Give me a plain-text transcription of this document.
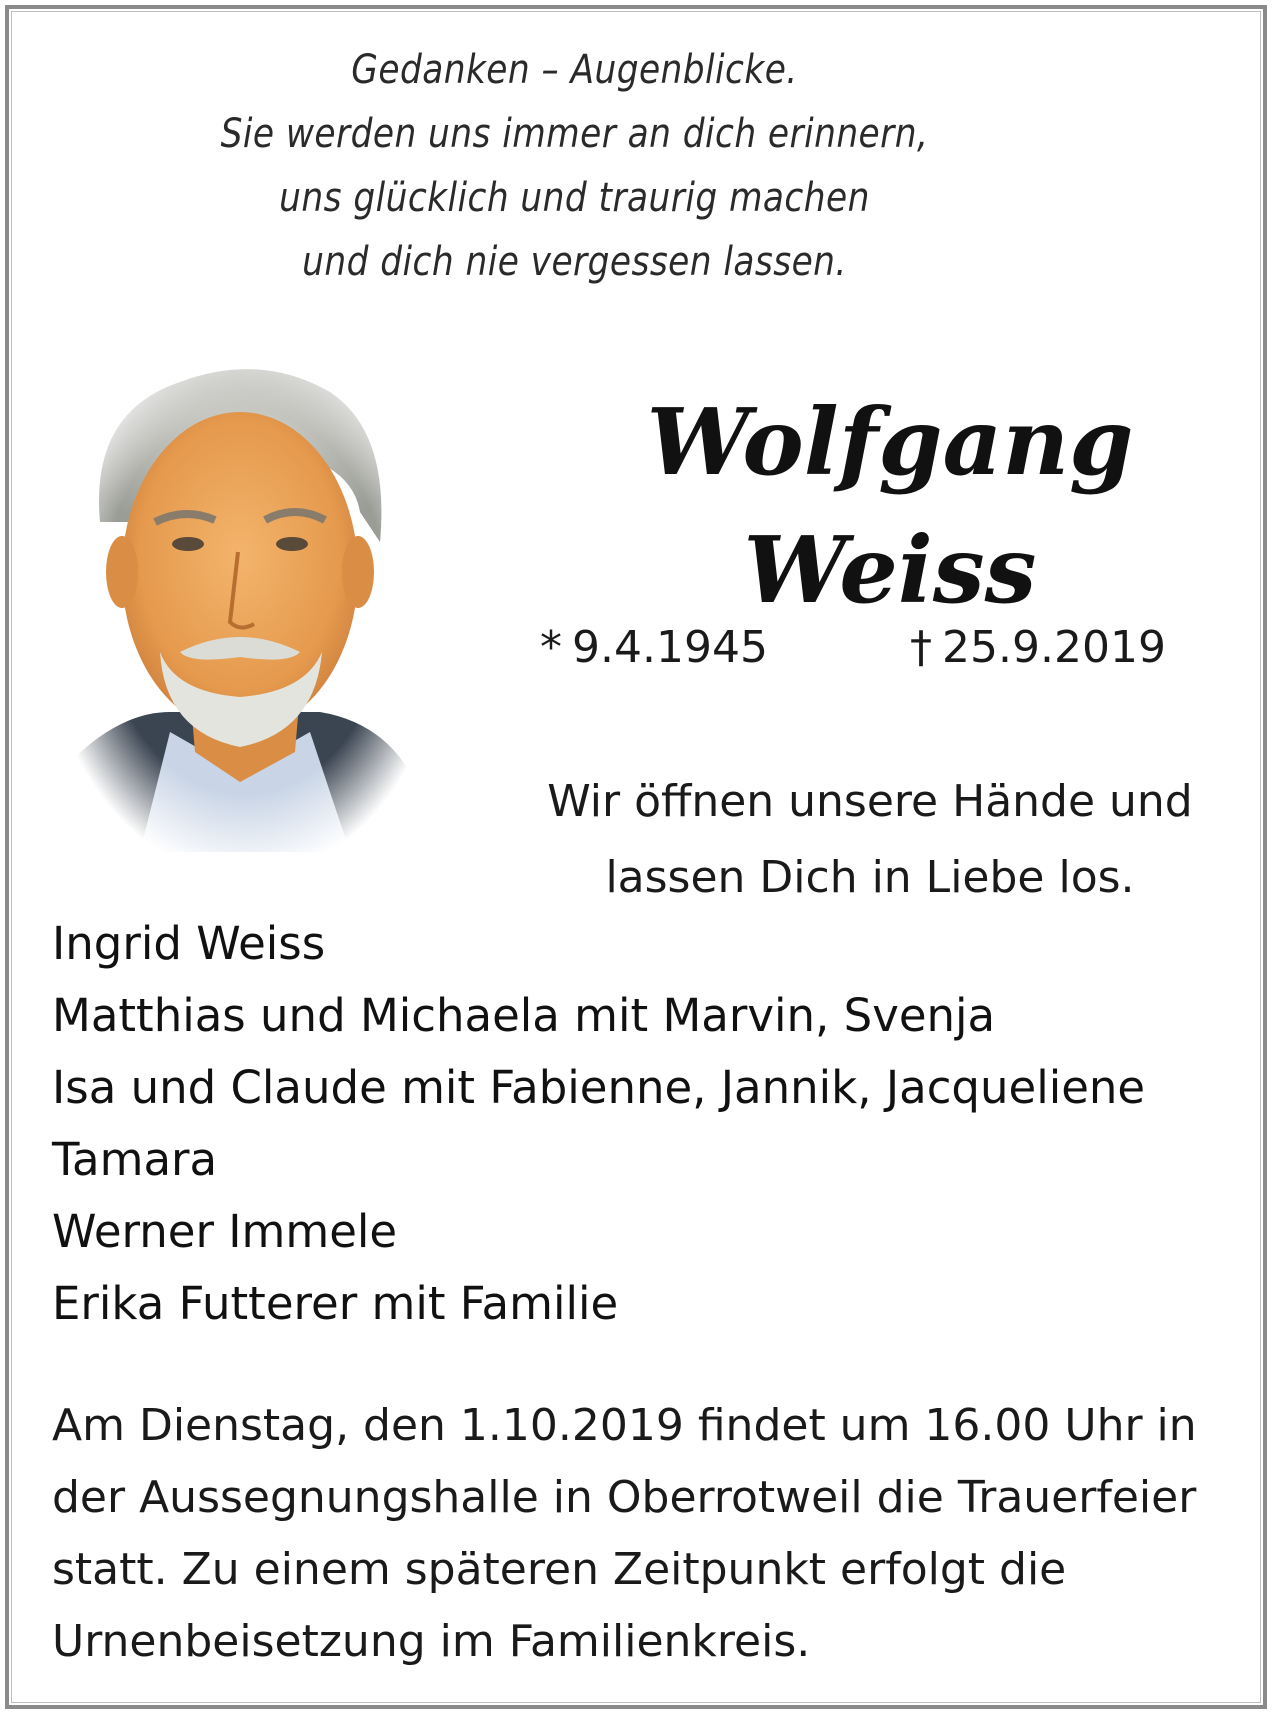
Gedanken – Augenblicke.
Sie werden uns immer an dich erinnern,
uns glücklich und traurig machen
und dich nie vergessen lassen.
Wolfgang
Weiss
* 9.4.1945	† 25.9.2019
Wir öffnen unsere Hände und
lassen Dich in Liebe los.
Ingrid Weiss
Matthias und Michaela mit Marvin, Svenja
Isa und Claude mit Fabienne, Jannik, Jacqueliene
Tamara
Werner Immele
Erika Futterer mit Familie
Am Dienstag, den 1.10.2019 findet um 16.00 Uhr in
der Aussegnungshalle in Oberrotweil die Trauerfeier
statt. Zu einem späteren Zeitpunkt erfolgt die
Urnenbeisetzung im Familienkreis.
